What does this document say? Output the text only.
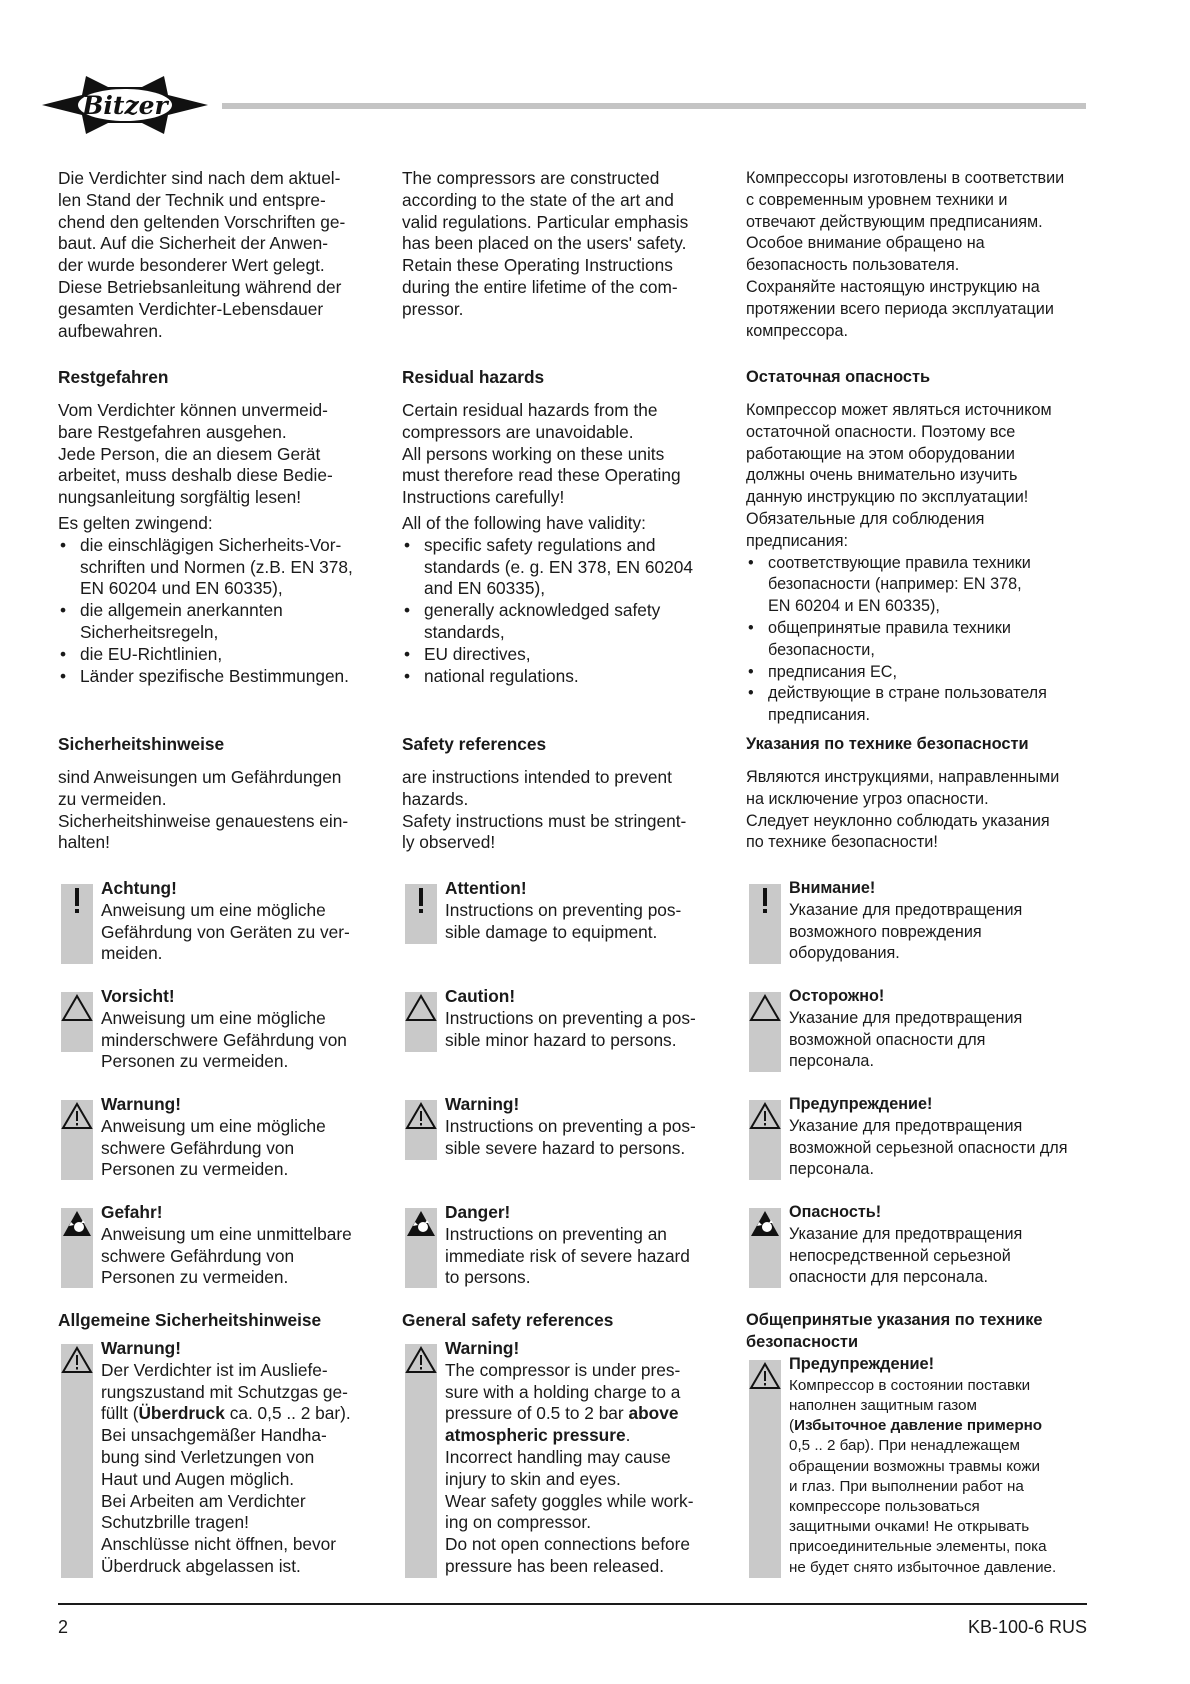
Bitzer

Die Verdichter sind nach dem aktuel-
len Stand der Technik und entspre-
chend den geltenden Vorschriften ge-
baut. Auf die Sicherheit der Anwen-
der wurde besonderer Wert gelegt.
Diese Betriebsanleitung während der
gesamten Verdichter-Lebensdauer
aufbewahren.

Restgefahren

Vom Verdichter können unvermeid-
bare Restgefahren ausgehen.
Jede Person, die an diesem Gerät
arbeitet, muss deshalb diese Bedie-
nungsanleitung sorgfältig lesen!

Es gelten zwingend:

• die einschlägigen Sicherheits-Vor-
schriften und Normen (z.B. EN 378,
EN 60204 und EN 60335),
• die allgemein anerkannten
Sicherheitsregeln,
• die EU-Richtlinien,
• Länder spezifische Bestimmungen.

Sicherheitshinweise

sind Anweisungen um Gefährdungen
zu vermeiden.
Sicherheitshinweise genauestens ein-
halten!

Achtung!

Anweisung um eine mögliche
Gefährdung von Geräten zu ver-
meiden.

Vorsicht!

Anweisung um eine mögliche
minderschwere Gefährdung von
Personen zu vermeiden.

Warnung!

Anweisung um eine mögliche
schwere Gefährdung von
Personen zu vermeiden.

Gefahr!

Anweisung um eine unmittelbare
schwere Gefährdung von
Personen zu vermeiden.

Allgemeine Sicherheitshinweise

Warnung!

Der Verdichter ist im Ausliefe-
rungszustand mit Schutzgas ge-
füllt (Überdruck ca. 0,5 .. 2 bar).
Bei unsachgemäßer Handha-
bung sind Verletzungen von
Haut und Augen möglich.
Bei Arbeiten am Verdichter
Schutzbrille tragen!
Anschlüsse nicht öffnen, bevor
Überdruck abgelassen ist.

The compressors are constructed
according to the state of the art and
valid regulations. Particular emphasis
has been placed on the users' safety.
Retain these Operating Instructions
during the entire lifetime of the com-
pressor.

Residual hazards

Certain residual hazards from the
compressors are unavoidable.
All persons working on these units
must therefore read these Operating
Instructions carefully!

All of the following have validity:

• specific safety regulations and
standards (e. g. EN 378, EN 60204
and EN 60335),
• generally acknowledged safety
standards,
• EU directives,
• national regulations.

Safety references

are instructions intended to prevent
hazards.
Safety instructions must be stringent-
ly observed!

Attention!

Instructions on preventing pos-
sible damage to equipment.

Caution!

Instructions on preventing a pos-
sible minor hazard to persons.

Warning!

Instructions on preventing a pos-
sible severe hazard to persons.

Danger!

Instructions on preventing an
immediate risk of severe hazard
to persons.

General safety references

Warning!

The compressor is under pres-
sure with a holding charge to a
pressure of 0.5 to 2 bar above
atmospheric pressure.
Incorrect handling may cause
injury to skin and eyes.
Wear safety goggles while work-
ing on compressor.
Do not open connections before
pressure has been released.

Компрессоры изготовлены в соответствии
с современным уровнем техники и
отвечают действующим предписаниям.
Особое внимание обращено на
безопасность пользователя.
Сохраняйте настоящую инструкцию на
протяжении всего периода эксплуатации
компрессора.

Остаточная опасность

Компрессор может являться источником
остаточной опасности. Поэтому все
работающие на этом оборудовании
должны очень внимательно изучить
данную инструкцию по эксплуатации!

Обязательные для соблюдения
предписания:

• соответствующие правила техники
безопасности (например: EN 378,
EN 60204 и EN 60335),
• общепринятые правила техники
безопасности,
• предписания ЕС,
• действующие в стране пользователя
предписания.

Указания по технике безопасности

Являются инструкциями, направленными
на исключение угроз опасности.
Следует неуклонно соблюдать указания
по технике безопасности!

Внимание!

Указание для предотвращения
возможного повреждения
оборудования.

Осторожно!

Указание для предотвращения
возможной опасности для
персонала.

Предупреждение!

Указание для предотвращения
возможной серьезной опасности для
персонала.

Опасность!

Указание для предотвращения
непосредственной серьезной
опасности для персонала.

Общепринятые указания по технике
безопасности

Предупреждение!

Компрессор в состоянии поставки
наполнен защитным газом
(Избыточное давление примерно
0,5 .. 2 бар). При ненадлежащем
обращении возможны травмы кожи
и глаз. При выполнении работ на
компрессоре пользоваться
защитными очками! Не открывать
присоединительные элементы, пока
не будет снято избыточное давление.

2	KB-100-6 RUS
